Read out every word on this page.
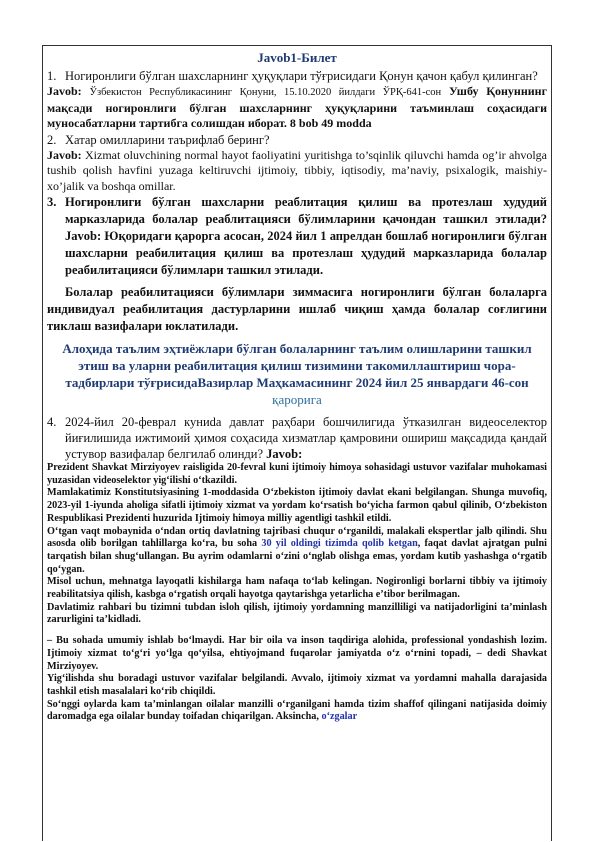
Javob1-Билет
1. Ногиронлиги бўлган шахсларнинг ҳуқуқлари тўғрисидаги Қонун қачон қабул қилинган?

Javob: Ўзбекистон Республикасининг Қонуни, 15.10.2020 йилдаги ЎРҚ-641-сон Ушбу Қонуннинг мақсади ногиронлиги бўлган шахсларнинг ҳуқуқларини таъминлаш соҳасидаги муносабатларни тартибга солишдан иборат. 8 bob 49 modda

2. Хатар омилларини таърифлаб беринг?

Javob: Xizmat oluvchining normal hayot faoliyatini yuritishga to’sqinlik qiluvchi hamda og’ir ahvolga tushib qolish havfini yuzaga keltiruvchi ijtimoiy, tibbiy, iqtisodiy, ma’naviy, psixalogik, maishiy-xo’jalik va boshqa omillar.

3. Ногиронлиги бўлган шахсларни реаблитация қилиш ва протезлаш худудий марказларида болалар реаблитацияси бўлимларини қачондан ташкил этилади? Javob: Юқоридаги қарорга асосан, 2024 йил 1 апрелдан бошлаб ногиронлиги бўлган шахсларни реабилитация қилиш ва протезлаш ҳудудий марказларида болалар реабилитацияси бўлимлари ташкил этилади.

Болалар реабилитацияси бўлимлари зиммасига ногиронлиги бўлган болаларга индивидуал реабилитация дастурларини ишлаб чиқиш ҳамда болалар соғлигини тиклаш вазифалари юклатилади.

Алоҳида таълим эҳтиёжлари бўлган болаларнинг таълим олишларини ташкил этиш ва уларни реабилитация қилиш тизимини такомиллаштириш чора-тадбирлари тўғрисидаВазирлар Маҳкамасининг 2024 йил 25 январдаги 46-сон қарорига
4. 2024-йил 20-феврал куниda давлат раҳбари бошчилигида ўтказилган видеоселектор йиғилишида ижтимоий ҳимоя соҳасида хизматлар қамровини ошириш мақсадида қандай устувор вазифалар белгилаб олинди? Javob:

Prezident Shavkat Mirziyoyev raisligida 20-fevral kuni ijtimoiy himoya sohasidagi ustuvor vazifalar muhokamasi yuzasidan videoselektor yig‘ilishi o‘tkazildi.

Mamlakatimiz Konstitutsiyasining 1-moddasida O‘zbekiston ijtimoiy davlat ekani belgilangan. Shunga muvofiq, 2023-yil 1-iyunda aholiga sifatli ijtimoiy xizmat va yordam ko‘rsatish bo‘yicha farmon qabul qilinib, O‘zbekiston Respublikasi Prezidenti huzurida Ijtimoiy himoya milliy agentligi tashkil etildi.

O‘tgan vaqt mobaynida o‘ndan ortiq davlatning tajribasi chuqur o‘rganildi, malakali ekspertlar jalb qilindi. Shu asosda olib borilgan tahlillarga ko‘ra, bu soha 30 yil oldingi tizimda qolib ketgan, faqat davlat ajratgan pulni tarqatish bilan shug‘ullangan. Bu ayrim odamlarni o‘zini o‘nglab olishga emas, yordam kutib yashashga o‘rgatib qo‘ygan.

Misol uchun, mehnatga layoqatli kishilarga ham nafaqa to‘lab kelingan. Nogironligi borlarni tibbiy va ijtimoiy reabilitatsiya qilish, kasbga o‘rgatish orqali hayotga qaytarishga yetarlicha e’tibor berilmagan.

Davlatimiz rahbari bu tizimni tubdan isloh qilish, ijtimoiy yordamning manzilliligi va natijadorligini ta’minlash zarurligini ta’kidladi.

– Bu sohada umumiy ishlab bo‘lmaydi. Har bir oila va inson taqdiriga alohida, professional yondashish lozim. Ijtimoiy xizmat to‘g‘ri yo‘lga qo‘yilsa, ehtiyojmand fuqarolar jamiyatda o‘z o‘rnini topadi, – dedi Shavkat Mirziyoyev.

Yig‘ilishda shu boradagi ustuvor vazifalar belgilandi. Avvalo, ijtimoiy xizmat va yordamni mahalla darajasida tashkil etish masalalari ko‘rib chiqildi.

So‘nggi oylarda kam ta’minlangan oilalar manzilli o‘rganilgani hamda tizim shaffof qilingani natijasida doimiy daromadga ega oilalar bunday toifadan chiqarilgan. Aksincha, o‘zgalar
